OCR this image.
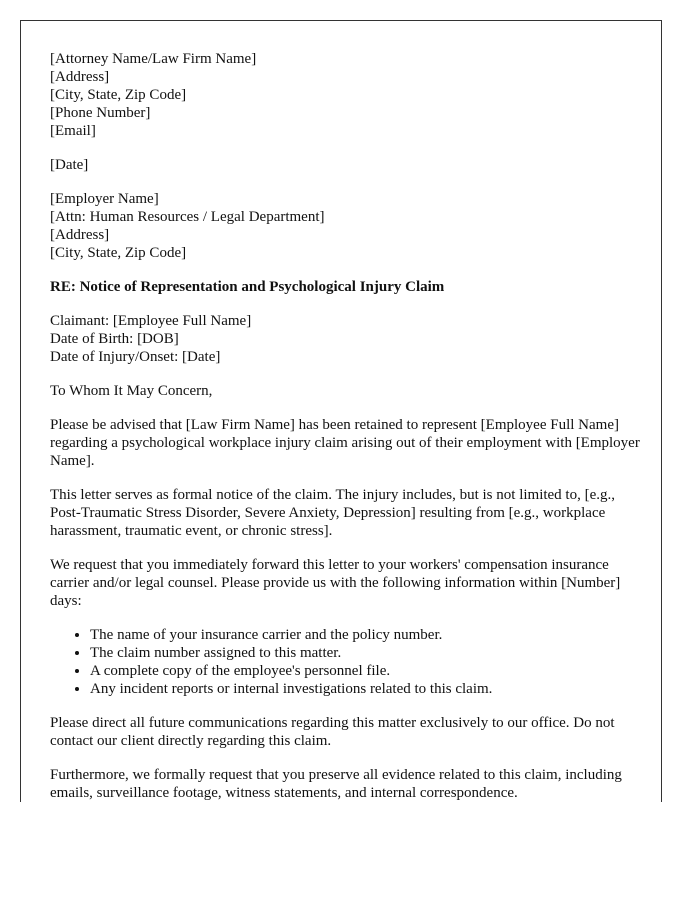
[Attorney Name/Law Firm Name]
[Address]
[City, State, Zip Code]
[Phone Number]
[Email]
[Date]
[Employer Name]
[Attn: Human Resources / Legal Department]
[Address]
[City, State, Zip Code]
RE: Notice of Representation and Psychological Injury Claim
Claimant: [Employee Full Name]
Date of Birth: [DOB]
Date of Injury/Onset: [Date]

To Whom It May Concern,

Please be advised that [Law Firm Name] has been retained to represent [Employee Full Name] regarding a psychological workplace injury claim arising out of their employment with [Employer Name].

This letter serves as formal notice of the claim. The injury includes, but is not limited to, [e.g., Post-Traumatic Stress Disorder, Severe Anxiety, Depression] resulting from [e.g., workplace harassment, traumatic event, or chronic stress].

We request that you immediately forward this letter to your workers' compensation insurance carrier and/or legal counsel. Please provide us with the following information within [Number] days:

• The name of your insurance carrier and the policy number.
• The claim number assigned to this matter.
• A complete copy of the employee's personnel file.
• Any incident reports or internal investigations related to this claim.

Please direct all future communications regarding this matter exclusively to our office. Do not contact our client directly regarding this claim.

Furthermore, we formally request that you preserve all evidence related to this claim, including emails, surveillance footage, witness statements, and internal correspondence.
